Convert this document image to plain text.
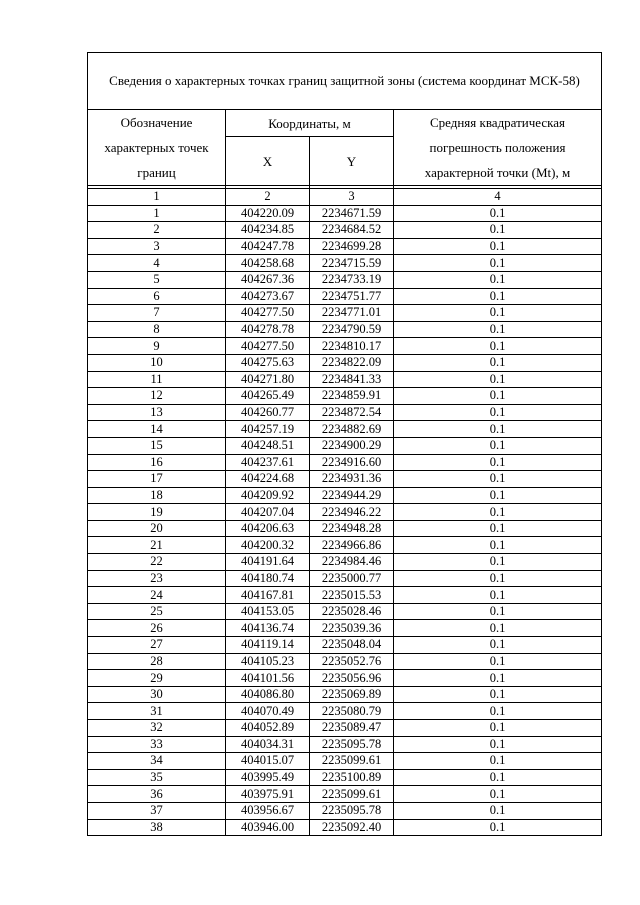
Сведения о характерных точках границ защитной зоны (система координат МСК-58)			
Обозначение характерных точек границ	Координаты, м		Средняя квадратическая погрешность положения характерной точки (Mt), м
	X	Y	

1	2	3	4
1	404220.09	2234671.59	0.1
2	404234.85	2234684.52	0.1
3	404247.78	2234699.28	0.1
4	404258.68	2234715.59	0.1
5	404267.36	2234733.19	0.1
6	404273.67	2234751.77	0.1
7	404277.50	2234771.01	0.1
8	404278.78	2234790.59	0.1
9	404277.50	2234810.17	0.1
10	404275.63	2234822.09	0.1
11	404271.80	2234841.33	0.1
12	404265.49	2234859.91	0.1
13	404260.77	2234872.54	0.1
14	404257.19	2234882.69	0.1
15	404248.51	2234900.29	0.1
16	404237.61	2234916.60	0.1
17	404224.68	2234931.36	0.1
18	404209.92	2234944.29	0.1
19	404207.04	2234946.22	0.1
20	404206.63	2234948.28	0.1
21	404200.32	2234966.86	0.1
22	404191.64	2234984.46	0.1
23	404180.74	2235000.77	0.1
24	404167.81	2235015.53	0.1
25	404153.05	2235028.46	0.1
26	404136.74	2235039.36	0.1
27	404119.14	2235048.04	0.1
28	404105.23	2235052.76	0.1
29	404101.56	2235056.96	0.1
30	404086.80	2235069.89	0.1
31	404070.49	2235080.79	0.1
32	404052.89	2235089.47	0.1
33	404034.31	2235095.78	0.1
34	404015.07	2235099.61	0.1
35	403995.49	2235100.89	0.1
36	403975.91	2235099.61	0.1
37	403956.67	2235095.78	0.1
38	403946.00	2235092.40	0.1
